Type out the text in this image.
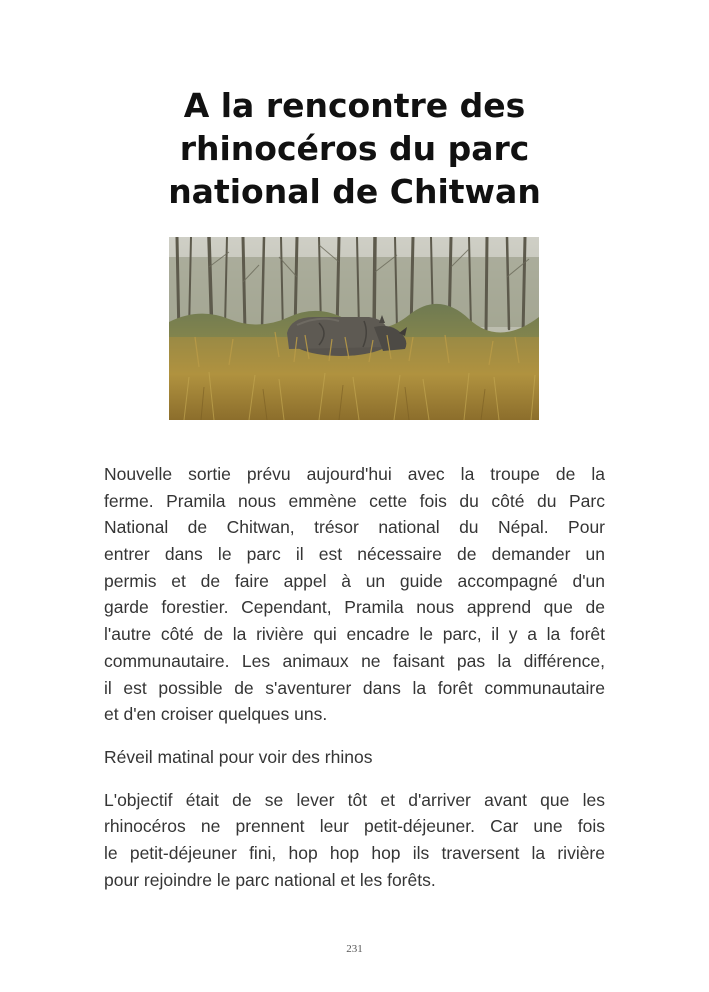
A la rencontre des
rhinocéros du parc
national de Chitwan

Nouvelle sortie prévu aujourd'hui avec la troupe de la
ferme. Pramila nous emmène cette fois du côté du Parc
National de Chitwan, trésor national du Népal. Pour
entrer dans le parc il est nécessaire de demander un
permis et de faire appel à un guide accompagné d'un
garde forestier. Cependant, Pramila nous apprend que de
l'autre côté de la rivière qui encadre le parc, il y a la forêt
communautaire. Les animaux ne faisant pas la différence,
il est possible de s'aventurer dans la forêt communautaire
et d'en croiser quelques uns.

Réveil matinal pour voir des rhinos

L'objectif était de se lever tôt et d'arriver avant que les
rhinocéros ne prennent leur petit-déjeuner. Car une fois
le petit-déjeuner fini, hop hop hop ils traversent la rivière
pour rejoindre le parc national et les forêts.

231
